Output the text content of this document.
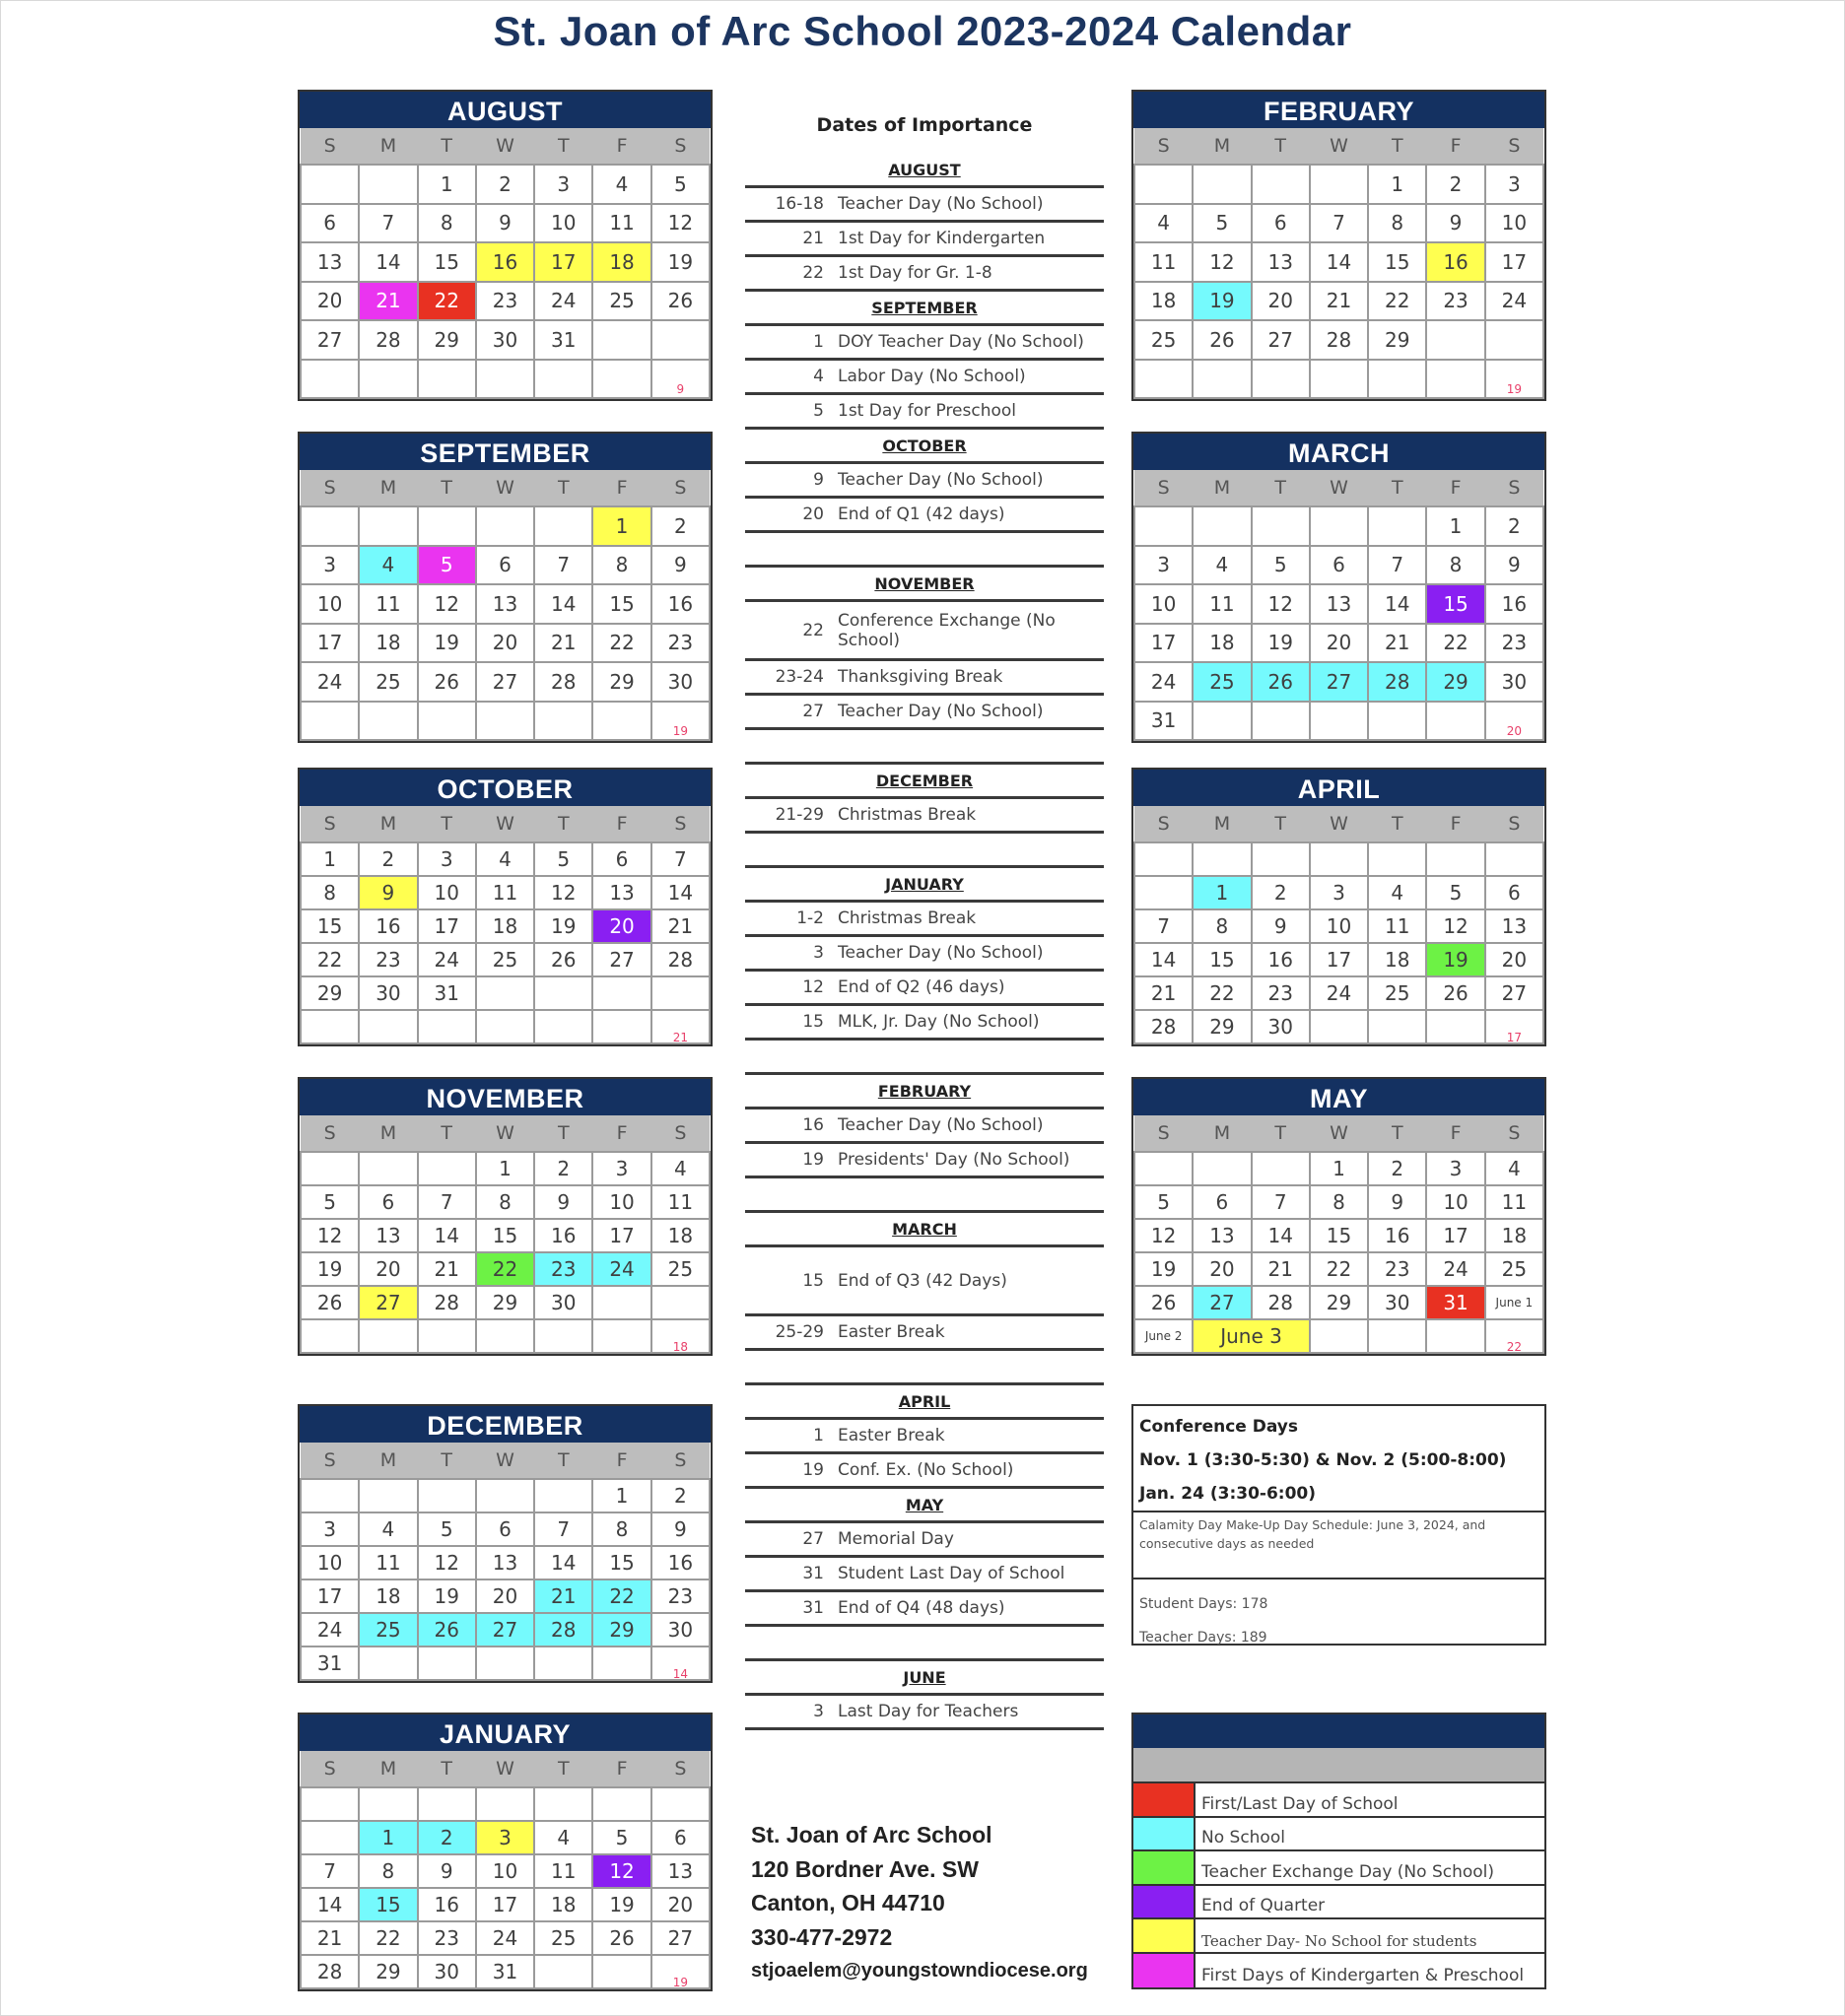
St. Joan of Arc School 2023-2024 Calendar
AUGUST
S	M	T	W	T	F	S
		1	2	3	4	5
6	7	8	9	10	11	12
13	14	15	16	17	18	19
20	21	22	23	24	25	26
27	28	29	30	31		
						$_9$
SEPTEMBER
S	M	T	W	T	F	S
					1	2
3	4	5	6	7	8	9
10	11	12	13	14	15	16
17	18	19	20	21	22	23
24	25	26	27	28	29	30
						$_{19}$
OCTOBER
S	M	T	W	T	F	S
1	2	3	4	5	6	7
8	9	10	11	12	13	14
15	16	17	18	19	20	21
22	23	24	25	26	27	28
29	30	31				
						$_{21}$
NOVEMBER
S	M	T	W	T	F	S
			1	2	3	4
5	6	7	8	9	10	11
12	13	14	15	16	17	18
19	20	21	22	23	24	25
26	27	28	29	30		
						$_{18}$
DECEMBER
S	M	T	W	T	F	S
					1	2
3	4	5	6	7	8	9
10	11	12	13	14	15	16
17	18	19	20	21	22	23
24	25	26	27	28	29	30
31						$_{14}$
JANUARY
S	M	T	W	T	F	S

	1	2	3	4	5	6
7	8	9	10	11	12	13
14	15	16	17	18	19	20
21	22	23	24	25	26	27
28	29	30	31			$_{19}$
FEBRUARY
S	M	T	W	T	F	S
				1	2	3
4	5	6	7	8	9	10
11	12	13	14	15	16	17
18	19	20	21	22	23	24
25	26	27	28	29		
						$_{19}$
MARCH
S	M	T	W	T	F	S
					1	2
3	4	5	6	7	8	9
10	11	12	13	14	15	16
17	18	19	20	21	22	23
24	25	26	27	28	29	30
31						$_{20}$
APRIL
S	M	T	W	T	F	S

	1	2	3	4	5	6
7	8	9	10	11	12	13
14	15	16	17	18	19	20
21	22	23	24	25	26	27
28	29	30				$_{17}$
MAY
S	M	T	W	T	F	S
			1	2	3	4
5	6	7	8	9	10	11
12	13	14	15	16	17	18
19	20	21	22	23	24	25
26	27	28	29	30	31	June 1
June 2	June 3					$_{22}$
Dates of Importance
AUGUST
16-18 Teacher Day (No School)
21 1st Day for Kindergarten
22 1st Day for Gr. 1-8
SEPTEMBER
1 DOY Teacher Day (No School)
4 Labor Day (No School)
5 1st Day for Preschool
OCTOBER
9 Teacher Day (No School)
20 End of Q1 (42 days)
NOVEMBER
22 Conference Exchange (No School)
23-24 Thanksgiving Break
27 Teacher Day (No School)
DECEMBER
21-29 Christmas Break
JANUARY
1-2 Christmas Break
3 Teacher Day (No School)
12 End of Q2 (46 days)
15 MLK, Jr. Day (No School)
FEBRUARY
16 Teacher Day (No School)
19 Presidents' Day (No School)
MARCH
15 End of Q3 (42 Days)
25-29 Easter Break
APRIL
1 Easter Break
19 Conf. Ex. (No School)
MAY
27 Memorial Day
31 Student Last Day of School
31 End of Q4 (48 days)
JUNE
3 Last Day for Teachers
St. Joan of Arc School
120 Bordner Ave. SW
Canton, OH 44710
330-477-2972
stjoaelem@youngstowndiocese.org
Conference Days
Nov. 1 (3:30-5:30) & Nov. 2 (5:00-8:00)
Jan. 24 (3:30-6:00)
Calamity Day Make-Up Day Schedule: June 3, 2024, and consecutive days as needed
Student Days: 178
Teacher Days: 189
First/Last Day of School
No School
Teacher Exchange Day (No School)
End of Quarter
Teacher Day- No School for students
First Days of Kindergarten & Preschool
